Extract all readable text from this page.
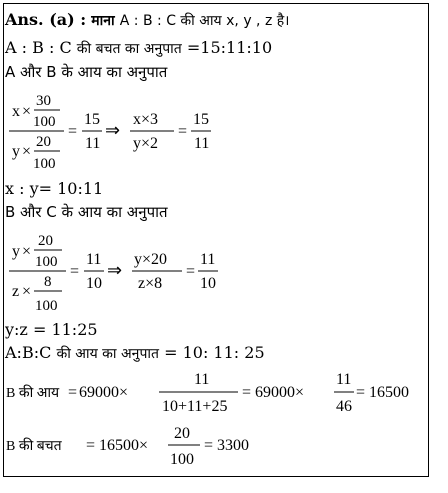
Ans. (a) : माना A : B : C की आय x, y , z है।
A : B : C की बचत का अनुपात =15:11:10
A और B के आय का अनुपात
x ×
30
100
y ×
20
100
=
15
11
⇒
x×3
y×2
=
15
11
x : y= 10:11
B और C के आय का अनुपात
y ×
20
100
z ×
8
100
=
11
10
⇒
y×20
z×8
=
11
10
y:z = 11:25
A:B:C की आय का अनुपात = 10: 11: 25
B की आय = 69000×
11
10+11+25
= 69000×
11
46
= 16500
B की बचत = 16500×
20
100
= 3300
